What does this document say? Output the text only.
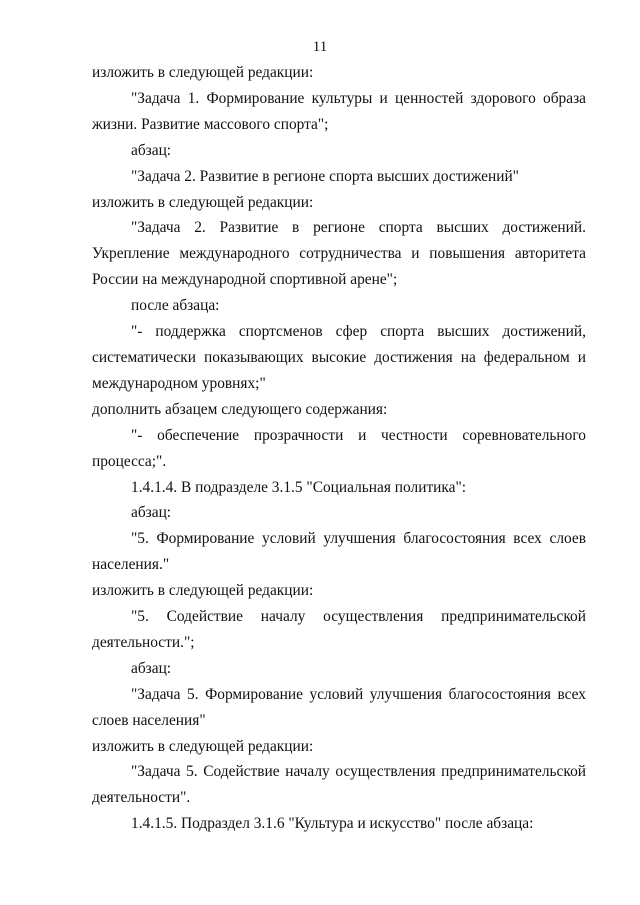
11

изложить в следующей редакции:

"Задача 1. Формирование культуры и ценностей здорового образа жизни. Развитие массового спорта";

абзац:

"Задача 2. Развитие в регионе спорта высших достижений"

изложить в следующей редакции:

"Задача 2. Развитие в регионе спорта высших достижений. Укрепление международного сотрудничества и повышения авторитета России на международной спортивной арене";

после абзаца:

"- поддержка спортсменов сфер спорта высших достижений, систематически показывающих высокие достижения на федеральном и международном уровнях;"

дополнить абзацем следующего содержания:

"- обеспечение прозрачности и честности соревновательного процесса;".

1.4.1.4. В подразделе 3.1.5 "Социальная политика":

абзац:

"5. Формирование условий улучшения благосостояния всех слоев населения."

изложить в следующей редакции:

"5. Содействие началу осуществления предпринимательской деятельности.";

абзац:

"Задача 5. Формирование условий улучшения благосостояния всех слоев населения"

изложить в следующей редакции:

"Задача 5. Содействие началу осуществления предпринимательской деятельности".

1.4.1.5. Подраздел 3.1.6 "Культура и искусство" после абзаца:
